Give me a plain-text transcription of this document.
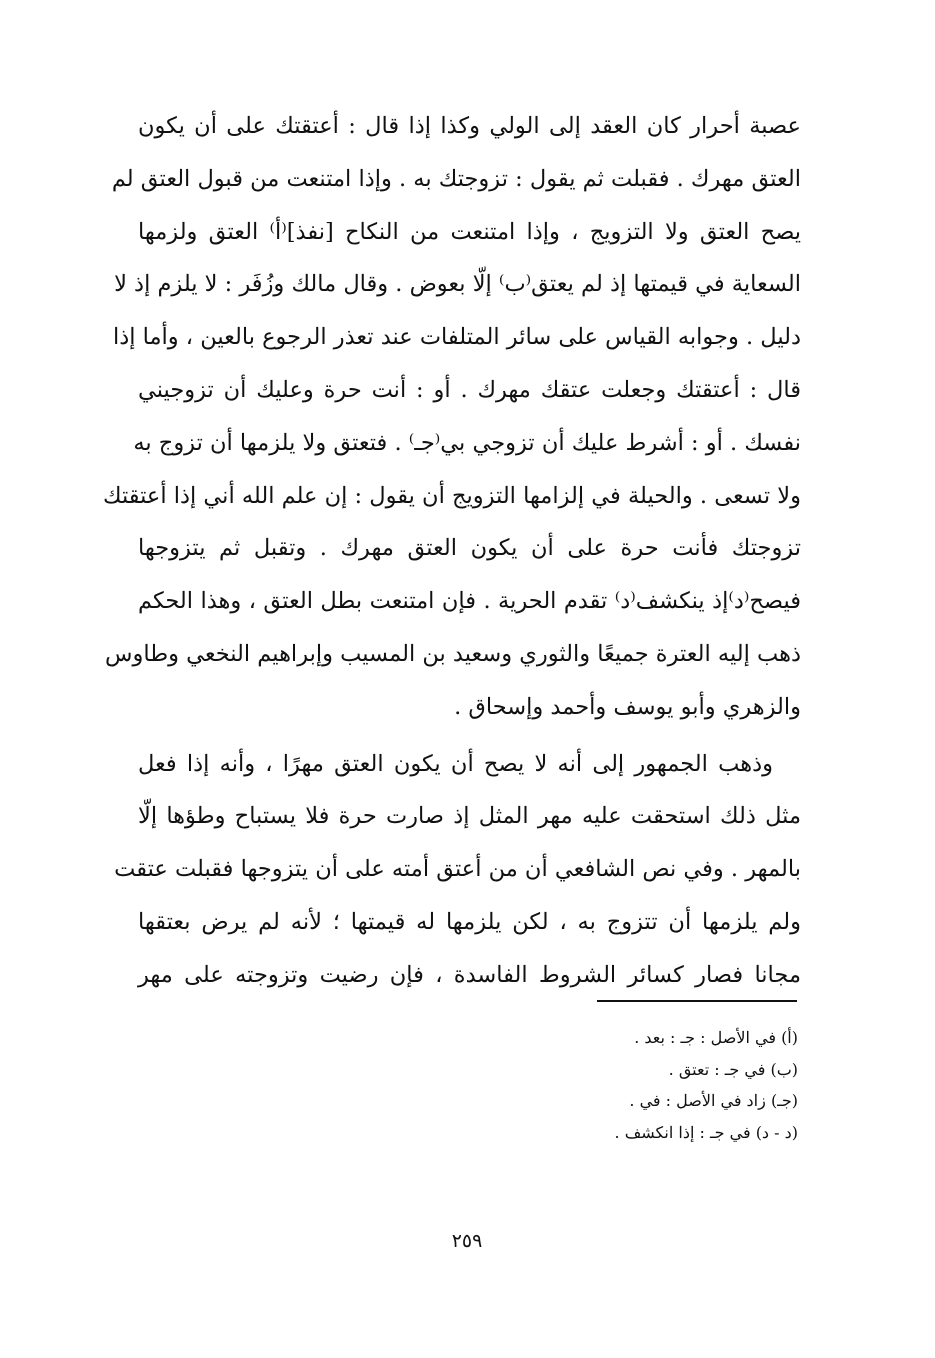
عصبة أحرار كان العقد إلى الولي وكذا إذا قال : أعتقتك على أن يكون
العتق مهرك . فقبلت ثم يقول : تزوجتك به . وإذا امتنعت من قبول العتق لم
يصح العتق ولا التزويج ، وإذا امتنعت من النكاح [نفذ]⁽أ⁾ العتق ولزمها
السعاية في قيمتها إذ لم يعتق⁽ب⁾ إلّا بعوض . وقال مالك وزُفَر : لا يلزم إذ لا
دليل . وجوابه القياس على سائر المتلفات عند تعذر الرجوع بالعين ، وأما إذا
قال : أعتقتك وجعلت عتقك مهرك . أو : أنت حرة وعليك أن تزوجيني
نفسك . أو : أشرط عليك أن تزوجي بي⁽جـ⁾ . فتعتق ولا يلزمها أن تزوج به
ولا تسعى . والحيلة في إلزامها التزويج أن يقول : إن علم الله أني إذا أعتقتك
تزوجتك فأنت حرة على أن يكون العتق مهرك . وتقبل ثم يتزوجها
فيصح⁽د⁾إذ ينكشف⁽د⁾ تقدم الحرية . فإن امتنعت بطل العتق ، وهذا الحكم
ذهب إليه العترة جميعًا والثوري وسعيد بن المسيب وإبراهيم النخعي وطاوس
والزهري وأبو يوسف وأحمد وإسحاق .
وذهب الجمهور إلى أنه لا يصح أن يكون العتق مهرًا ، وأنه إذا فعل
مثل ذلك استحقت عليه مهر المثل إذ صارت حرة فلا يستباح وطؤها إلّا
بالمهر . وفي نص الشافعي أن من أعتق أمته على أن يتزوجها فقبلت عتقت
ولم يلزمها أن تتزوج به ، لكن يلزمها له قيمتها ؛ لأنه لم يرض بعتقها
مجانا فصار كسائر الشروط الفاسدة ، فإن رضيت وتزوجته على مهر
(أ) في الأصل : جـ : بعد .
(ب) في جـ : تعتق .
(جـ) زاد في الأصل : في .
(د - د) في جـ : إذا انكشف .
٢٥٩
